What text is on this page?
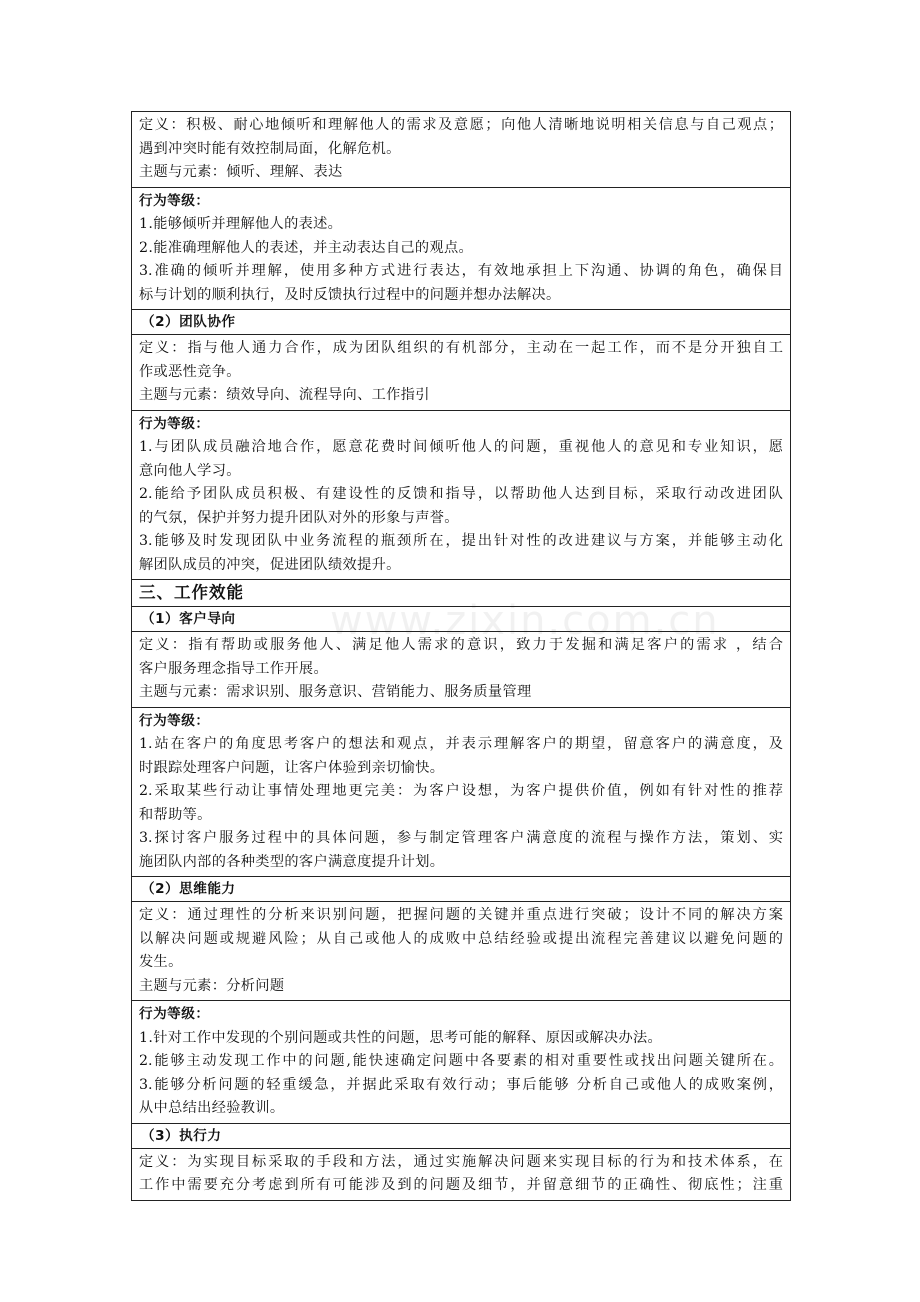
www.zixin.com.cn
定义：积极、耐心地倾听和理解他人的需求及意愿；向他人清晰地说明相关信息与自己观点；
遇到冲突时能有效控制局面，化解危机。
主题与元素：倾听、理解、表达
行为等级：
1.能够倾听并理解他人的表述。
2.能准确理解他人的表述，并主动表达自己的观点。
3.准确的倾听并理解，使用多种方式进行表达，有效地承担上下沟通、协调的角色，确保目
标与计划的顺利执行，及时反馈执行过程中的问题并想办法解决。
（2）团队协作
定义：指与他人通力合作，成为团队组织的有机部分，主动在一起工作，而不是分开独自工
作或恶性竞争。
主题与元素：绩效导向、流程导向、工作指引
行为等级：
1.与团队成员融洽地合作，愿意花费时间倾听他人的问题，重视他人的意见和专业知识，愿
意向他人学习。
2.能给予团队成员积极、有建设性的反馈和指导，以帮助他人达到目标，采取行动改进团队
的气氛，保护并努力提升团队对外的形象与声誉。
3.能够及时发现团队中业务流程的瓶颈所在，提出针对性的改进建议与方案，并能够主动化
解团队成员的冲突，促进团队绩效提升。
三、工作效能
（1）客户导向
定义：指有帮助或服务他人、满足他人需求的意识，致力于发掘和满足客户的需求 ，结合
客户服务理念指导工作开展。
主题与元素：需求识别、服务意识、营销能力、服务质量管理
行为等级：
1.站在客户的角度思考客户的想法和观点，并表示理解客户的期望，留意客户的满意度，及
时跟踪处理客户问题，让客户体验到亲切愉快。
2.采取某些行动让事情处理地更完美：为客户设想，为客户提供价值，例如有针对性的推荐
和帮助等。
3.探讨客户服务过程中的具体问题，参与制定管理客户满意度的流程与操作方法，策划、实
施团队内部的各种类型的客户满意度提升计划。
（2）思维能力
定义：通过理性的分析来识别问题，把握问题的关键并重点进行突破；设计不同的解决方案
以解决问题或规避风险；从自己或他人的成败中总结经验或提出流程完善建议以避免问题的
发生。
主题与元素：分析问题
行为等级：
1.针对工作中发现的个别问题或共性的问题，思考可能的解释、原因或解决办法。
2.能够主动发现工作中的问题,能快速确定问题中各要素的相对重要性或找出问题关键所在。
3.能够分析问题的轻重缓急，并据此采取有效行动；事后能够 分析自己或他人的成败案例，
从中总结出经验教训。
（3）执行力
定义：为实现目标采取的手段和方法，通过实施解决问题来实现目标的行为和技术体系，在
工作中需要充分考虑到所有可能涉及到的问题及细节，并留意细节的正确性、彻底性；注重
